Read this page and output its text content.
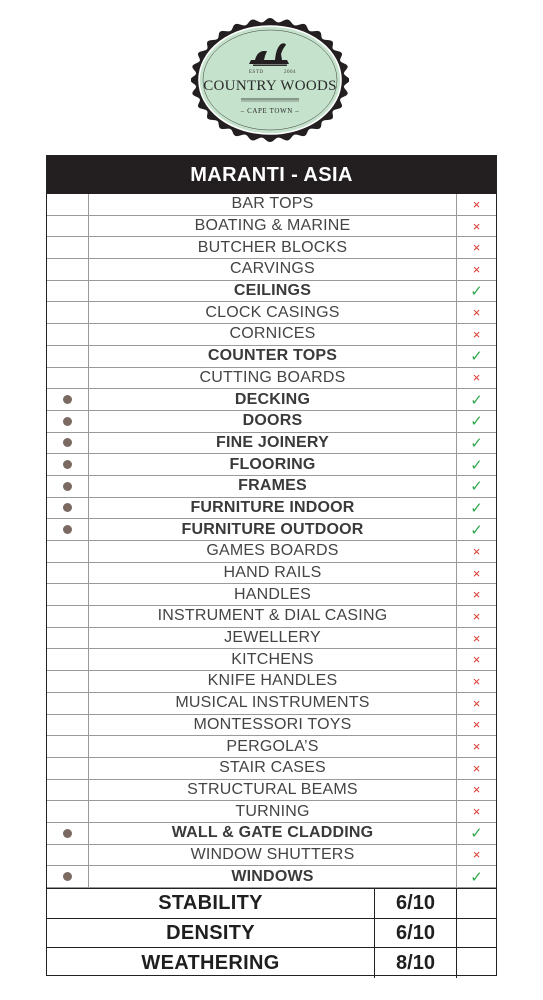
ESTD	2004
COUNTRY WOODS
– CAPE TOWN –
MARANTI - ASIA
BAR TOPS	×
BOATING & MARINE	×
BUTCHER BLOCKS	×
CARVINGS	×
CEILINGS	✓
CLOCK CASINGS	×
CORNICES	×
COUNTER TOPS	✓
CUTTING BOARDS	×
DECKING	✓
DOORS	✓
FINE JOINERY	✓
FLOORING	✓
FRAMES	✓
FURNITURE INDOOR	✓
FURNITURE OUTDOOR	✓
GAMES BOARDS	×
HAND RAILS	×
HANDLES	×
INSTRUMENT & DIAL CASING	×
JEWELLERY	×
KITCHENS	×
KNIFE HANDLES	×
MUSICAL INSTRUMENTS	×
MONTESSORI TOYS	×
PERGOLA’S	×
STAIR CASES	×
STRUCTURAL BEAMS	×
TURNING	×
WALL & GATE CLADDING	✓
WINDOW SHUTTERS	×
WINDOWS	✓
STABILITY	6/10
DENSITY	6/10
WEATHERING	8/10
